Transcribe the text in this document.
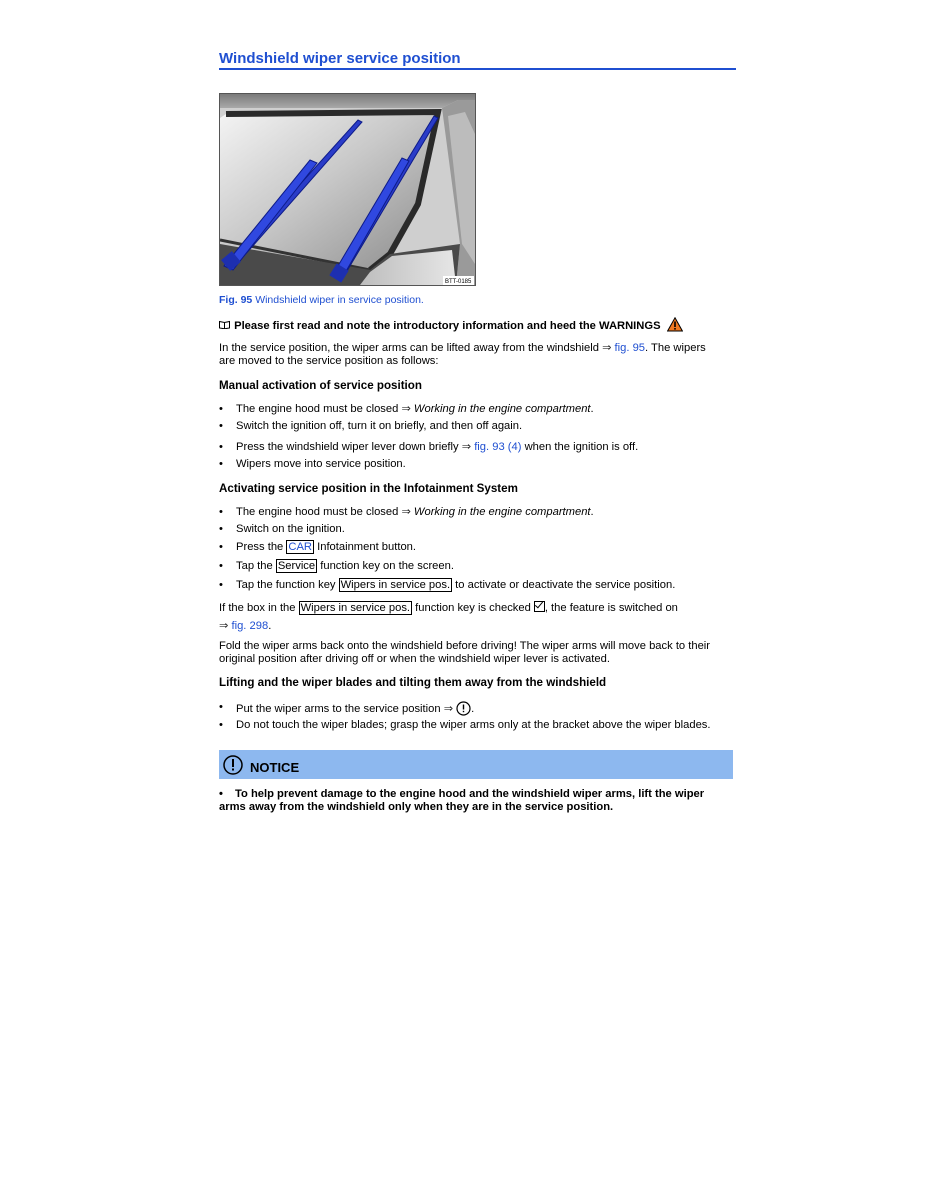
Windshield wiper service position
BTT-0185
Fig. 95 Windshield wiper in service position.
Please first read and note the introductory information and heed the WARNINGS
In the service position, the wiper arms can be lifted away from the windshield ⇒ fig. 95. The wipers
are moved to the service position as follows:
Manual activation of service position
• The engine hood must be closed ⇒ Working in the engine compartment.
• Switch the ignition off, turn it on briefly, and then off again.
• Press the windshield wiper lever down briefly ⇒ fig. 93 (4) when the ignition is off.
• Wipers move into service position.
Activating service position in the Infotainment System
• The engine hood must be closed ⇒ Working in the engine compartment.
• Switch on the ignition.
• Press the CAR Infotainment button.
• Tap the Service function key on the screen.
• Tap the function key Wipers in service pos. to activate or deactivate the service position.
If the box in the Wipers in service pos. function key is checked , the feature is switched on
⇒ fig. 298.
Fold the wiper arms back onto the windshield before driving! The wiper arms will move back to their
original position after driving off or when the windshield wiper lever is activated.
Lifting and the wiper blades and tilting them away from the windshield
• Put the wiper arms to the service position ⇒ .
• Do not touch the wiper blades; grasp the wiper arms only at the bracket above the wiper blades.
NOTICE
• To help prevent damage to the engine hood and the windshield wiper arms, lift the wiper
arms away from the windshield only when they are in the service position.
